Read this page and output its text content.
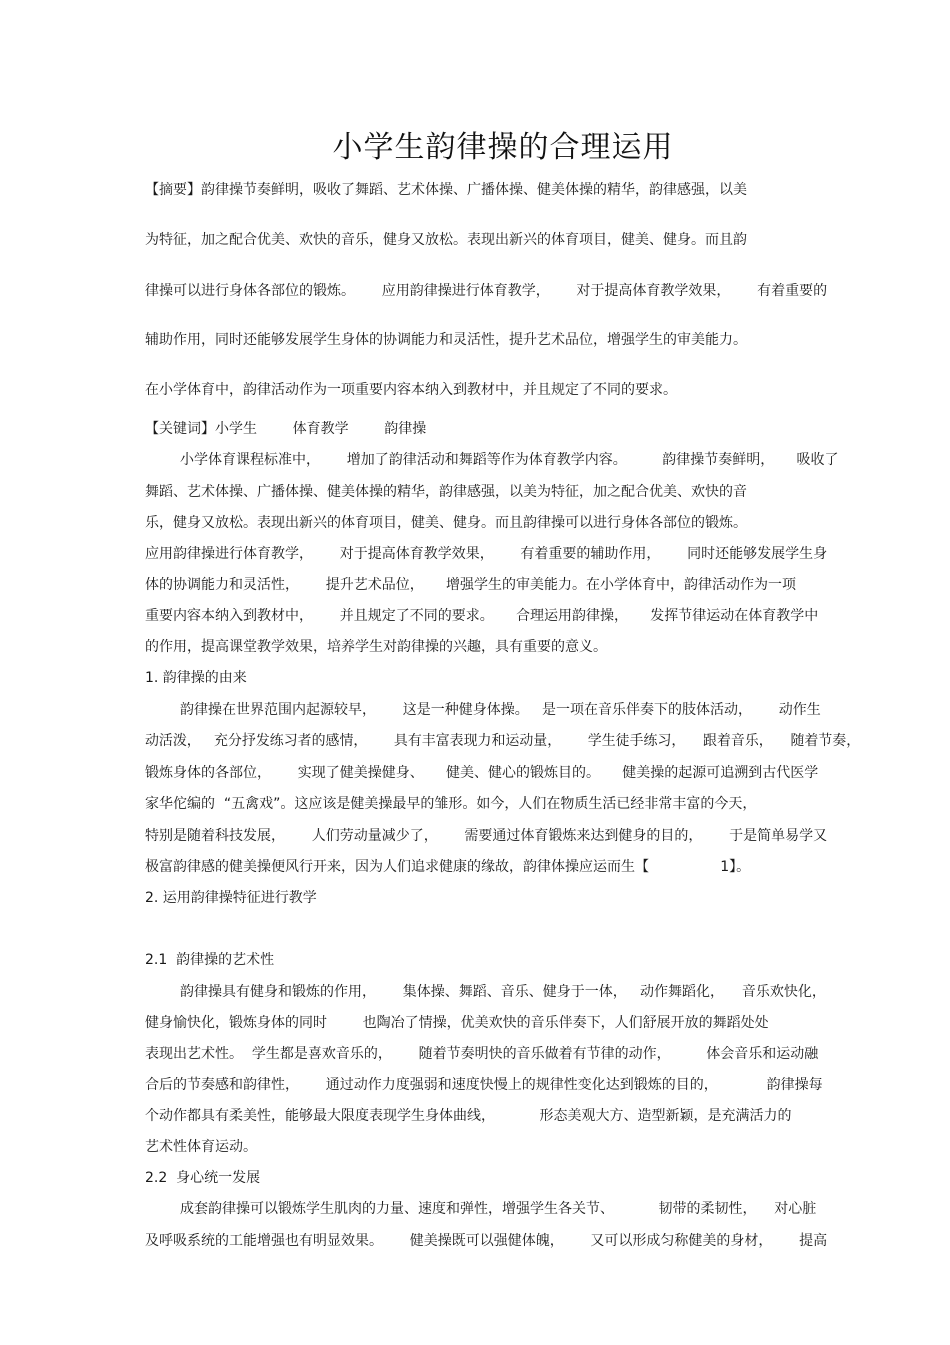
小学生韵律操的合理运用
【摘要】韵律操节奏鲜明，吸收了舞蹈、艺术体操、广播体操、健美体操的精华，韵律感强，以美
为特征，加之配合优美、欢快的音乐，健身又放松。表现出新兴的体育项目，健美、健身。而且韵
律操可以进行身体各部位的锻炼。      应用韵律操进行体育教学，      对于提高体育教学效果，      有着重要的
辅助作用，同时还能够发展学生身体的协调能力和灵活性，提升艺术品位，增强学生的审美能力。
在小学体育中，韵律活动作为一项重要内容本纳入到教材中，并且规定了不同的要求。
【关键词】小学生        体育教学        韵律操
小学体育课程标准中，      增加了韵律活动和舞蹈等作为体育教学内容。        韵律操节奏鲜明，     吸收了
舞蹈、艺术体操、广播体操、健美体操的精华，韵律感强，以美为特征，加之配合优美、欢快的音
乐，健身又放松。表现出新兴的体育项目，健美、健身。而且韵律操可以进行身体各部位的锻炼。
应用韵律操进行体育教学，      对于提高体育教学效果，      有着重要的辅助作用，      同时还能够发展学生身
体的协调能力和灵活性，      提升艺术品位，     增强学生的审美能力。在小学体育中，韵律活动作为一项
重要内容本纳入到教材中，      并且规定了不同的要求。     合理运用韵律操，     发挥节律运动在体育教学中
的作用，提高课堂教学效果，培养学生对韵律操的兴趣，具有重要的意义。
1. 韵律操的由来
韵律操在世界范围内起源较早，      这是一种健身体操。   是一项在音乐伴奏下的肢体活动，      动作生
动活泼，   充分抒发练习者的感情，      具有丰富表现力和运动量，      学生徒手练习，    跟着音乐，    随着节奏，
锻炼身体的各部位，      实现了健美操健身、     健美、健心的锻炼目的。     健美操的起源可追溯到古代医学
家华佗编的  “五禽戏”。这应该是健美操最早的雏形。如今，人们在物质生活已经非常丰富的今天，
特别是随着科技发展，      人们劳动量减少了，      需要通过体育锻炼来达到健身的目的，      于是简单易学又
极富韵律感的健美操便风行开来，因为人们追求健康的缘故，韵律体操应运而生【                1】。
2. 运用韵律操特征进行教学
2.1  韵律操的艺术性
韵律操具有健身和锻炼的作用，      集体操、舞蹈、音乐、健身于一体，   动作舞蹈化，    音乐欢快化，
健身愉快化，锻炼身体的同时        也陶冶了情操，优美欢快的音乐伴奏下，人们舒展开放的舞蹈处处
表现出艺术性。  学生都是喜欢音乐的，      随着节奏明快的音乐做着有节律的动作，        体会音乐和运动融
合后的节奏感和韵律性，      通过动作力度强弱和速度快慢上的规律性变化达到锻炼的目的，           韵律操每
个动作都具有柔美性，能够最大限度表现学生身体曲线，          形态美观大方、造型新颖，是充满活力的
艺术性体育运动。
2.2  身心统一发展
成套韵律操可以锻炼学生肌肉的力量、速度和弹性，增强学生各关节、          韧带的柔韧性，    对心脏
及呼吸系统的工能增强也有明显效果。      健美操既可以强健体魄，      又可以形成匀称健美的身材，      提高
